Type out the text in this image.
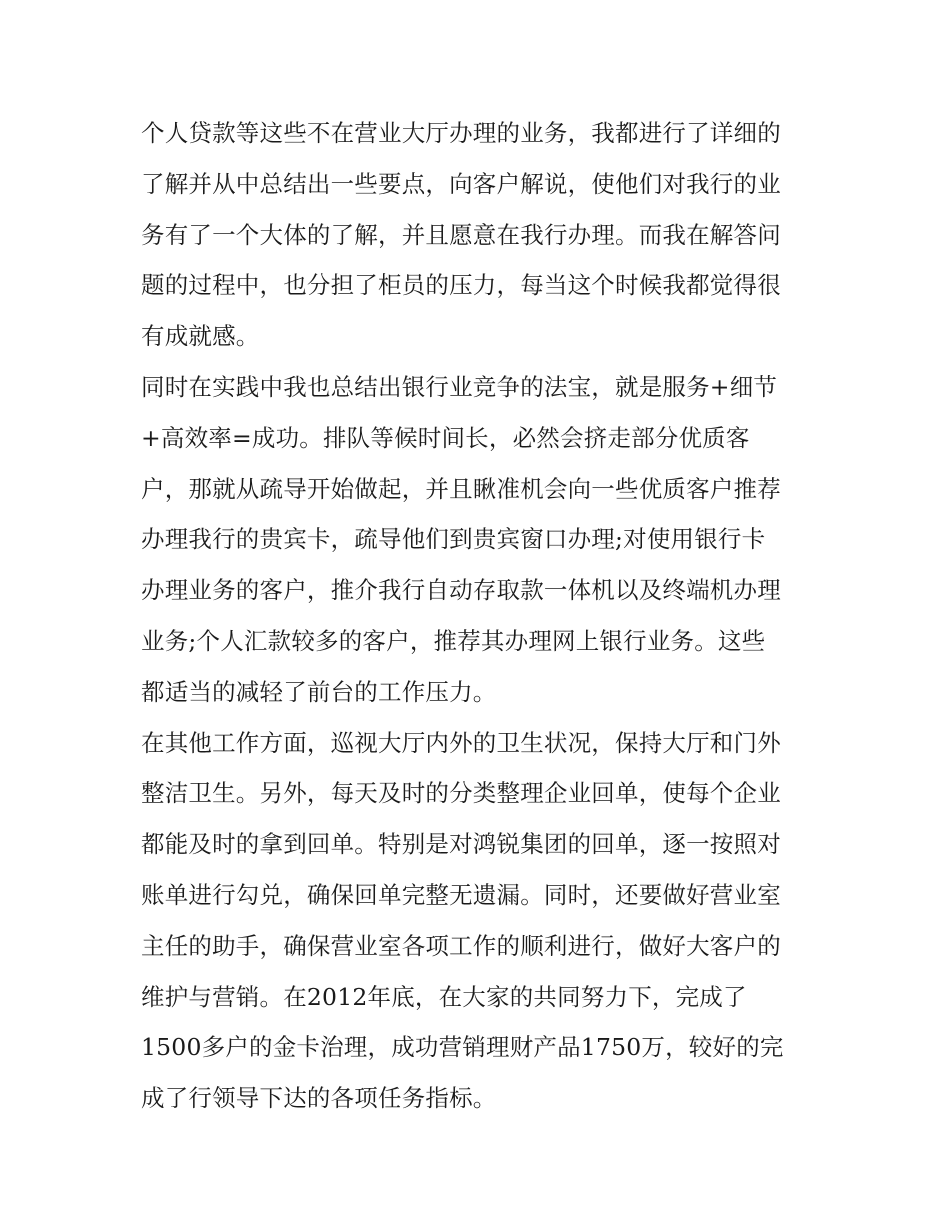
个人贷款等这些不在营业大厅办理的业务，我都进行了详细的
了解并从中总结出一些要点，向客户解说，使他们对我行的业
务有了一个大体的了解，并且愿意在我行办理。而我在解答问
题的过程中，也分担了柜员的压力，每当这个时候我都觉得很
有成就感。
同时在实践中我也总结出银行业竞争的法宝，就是服务+细节
+高效率=成功。排队等候时间长，必然会挤走部分优质客
户，那就从疏导开始做起，并且瞅准机会向一些优质客户推荐
办理我行的贵宾卡，疏导他们到贵宾窗口办理;对使用银行卡
办理业务的客户，推介我行自动存取款一体机以及终端机办理
业务;个人汇款较多的客户，推荐其办理网上银行业务。这些
都适当的减轻了前台的工作压力。
在其他工作方面，巡视大厅内外的卫生状况，保持大厅和门外
整洁卫生。另外，每天及时的分类整理企业回单，使每个企业
都能及时的拿到回单。特别是对鸿锐集团的回单，逐一按照对
账单进行勾兑，确保回单完整无遗漏。同时，还要做好营业室
主任的助手，确保营业室各项工作的顺利进行，做好大客户的
维护与营销。在2012年底，在大家的共同努力下，完成了
1500多户的金卡治理，成功营销理财产品1750万，较好的完
成了行领导下达的各项任务指标。
